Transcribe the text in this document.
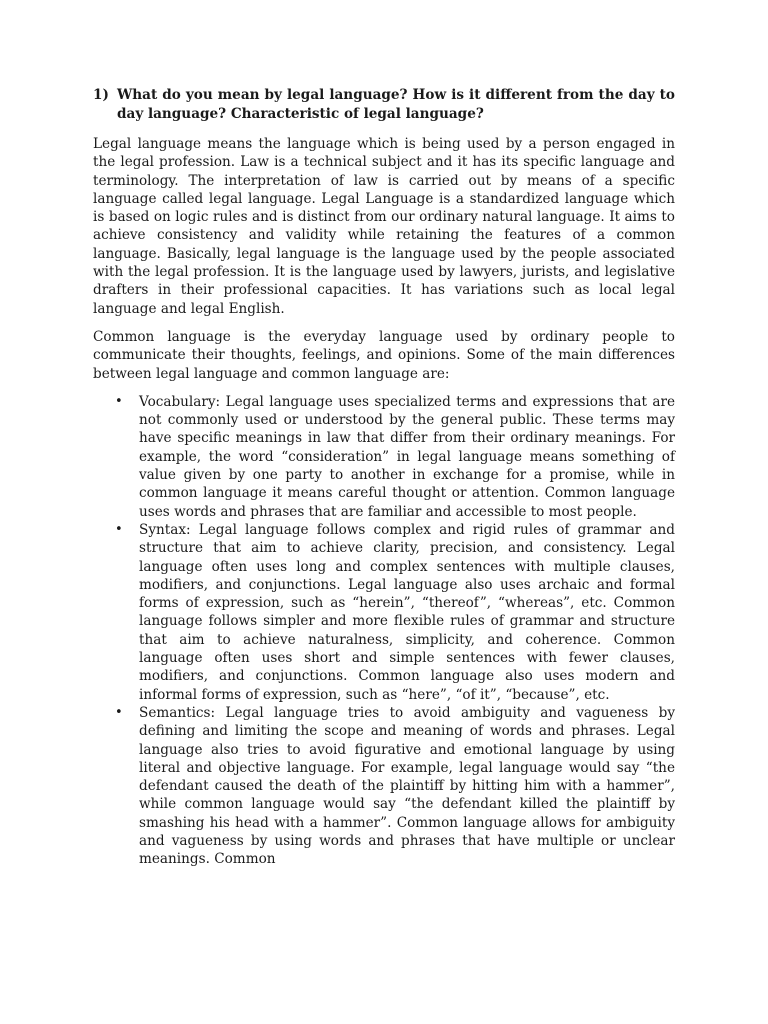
1) What do you mean by legal language? How is it different from the day to day language? Characteristic of legal language?

Legal language means the language which is being used by a person engaged in the legal profession. Law is a technical subject and it has its specific language and terminology. The interpretation of law is carried out by means of a specific language called legal language. Legal Language is a standardized language which is based on logic rules and is distinct from our ordinary natural language. It aims to achieve consistency and validity while retaining the features of a common language. Basically, legal language is the language used by the people associated with the legal profession. It is the language used by lawyers, jurists, and legislative drafters in their professional capacities. It has variations such as local legal language and legal English.

Common language is the everyday language used by ordinary people to communicate their thoughts, feelings, and opinions. Some of the main differences between legal language and common language are:

• Vocabulary: Legal language uses specialized terms and expressions that are not commonly used or understood by the general public. These terms may have specific meanings in law that differ from their ordinary meanings. For example, the word “consideration” in legal language means something of value given by one party to another in exchange for a promise, while in common language it means careful thought or attention. Common language uses words and phrases that are familiar and accessible to most people.
• Syntax: Legal language follows complex and rigid rules of grammar and structure that aim to achieve clarity, precision, and consistency. Legal language often uses long and complex sentences with multiple clauses, modifiers, and conjunctions. Legal language also uses archaic and formal forms of expression, such as “herein”, “thereof”, “whereas”, etc. Common language follows simpler and more flexible rules of grammar and structure that aim to achieve naturalness, simplicity, and coherence. Common language often uses short and simple sentences with fewer clauses, modifiers, and conjunctions. Common language also uses modern and informal forms of expression, such as “here”, “of it”, “because”, etc.
• Semantics: Legal language tries to avoid ambiguity and vagueness by defining and limiting the scope and meaning of words and phrases. Legal language also tries to avoid figurative and emotional language by using literal and objective language. For example, legal language would say “the defendant caused the death of the plaintiff by hitting him with a hammer”, while common language would say “the defendant killed the plaintiff by smashing his head with a hammer”. Common language allows for ambiguity and vagueness by using words and phrases that have multiple or unclear meanings. Common
